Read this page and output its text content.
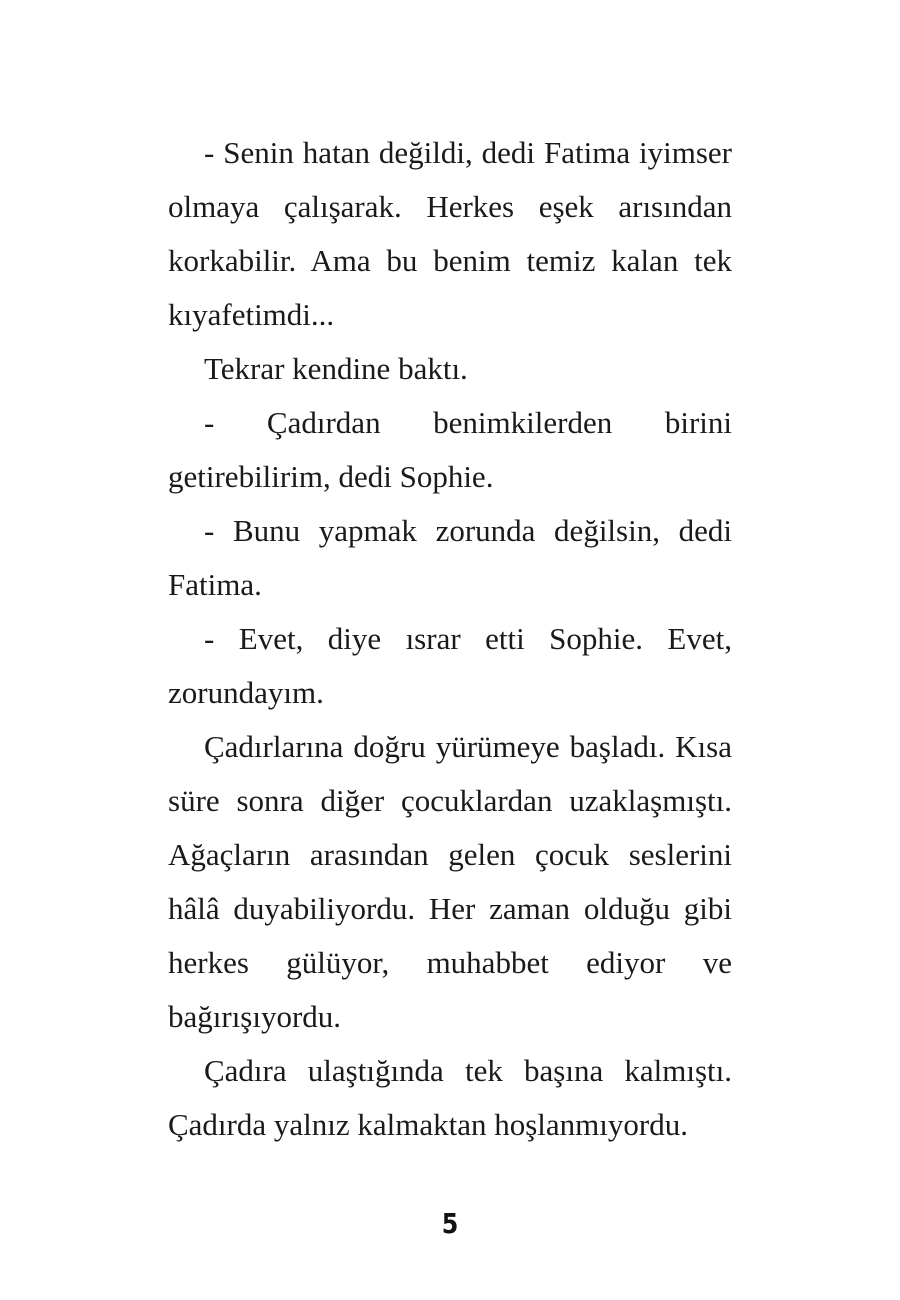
- Senin hatan değildi, dedi Fatima iyimser olmaya çalışarak. Herkes eşek arısından korkabilir. Ama bu benim temiz kalan tek kıyafetimdi...

Tekrar kendine baktı.

- Çadırdan benimkilerden birini getirebilirim, dedi Sophie.

- Bunu yapmak zorunda değilsin, dedi Fatima.

- Evet, diye ısrar etti Sophie. Evet, zorundayım.

Çadırlarına doğru yürümeye başladı. Kısa süre sonra diğer çocuklardan uzaklaşmıştı. Ağaçların arasından gelen çocuk seslerini hâlâ duyabiliyordu. Her zaman olduğu gibi herkes gülüyor, muhabbet ediyor ve bağırışıyordu.

Çadıra ulaştığında tek başına kalmıştı. Çadırda yalnız kalmaktan hoşlanmıyordu.

5
